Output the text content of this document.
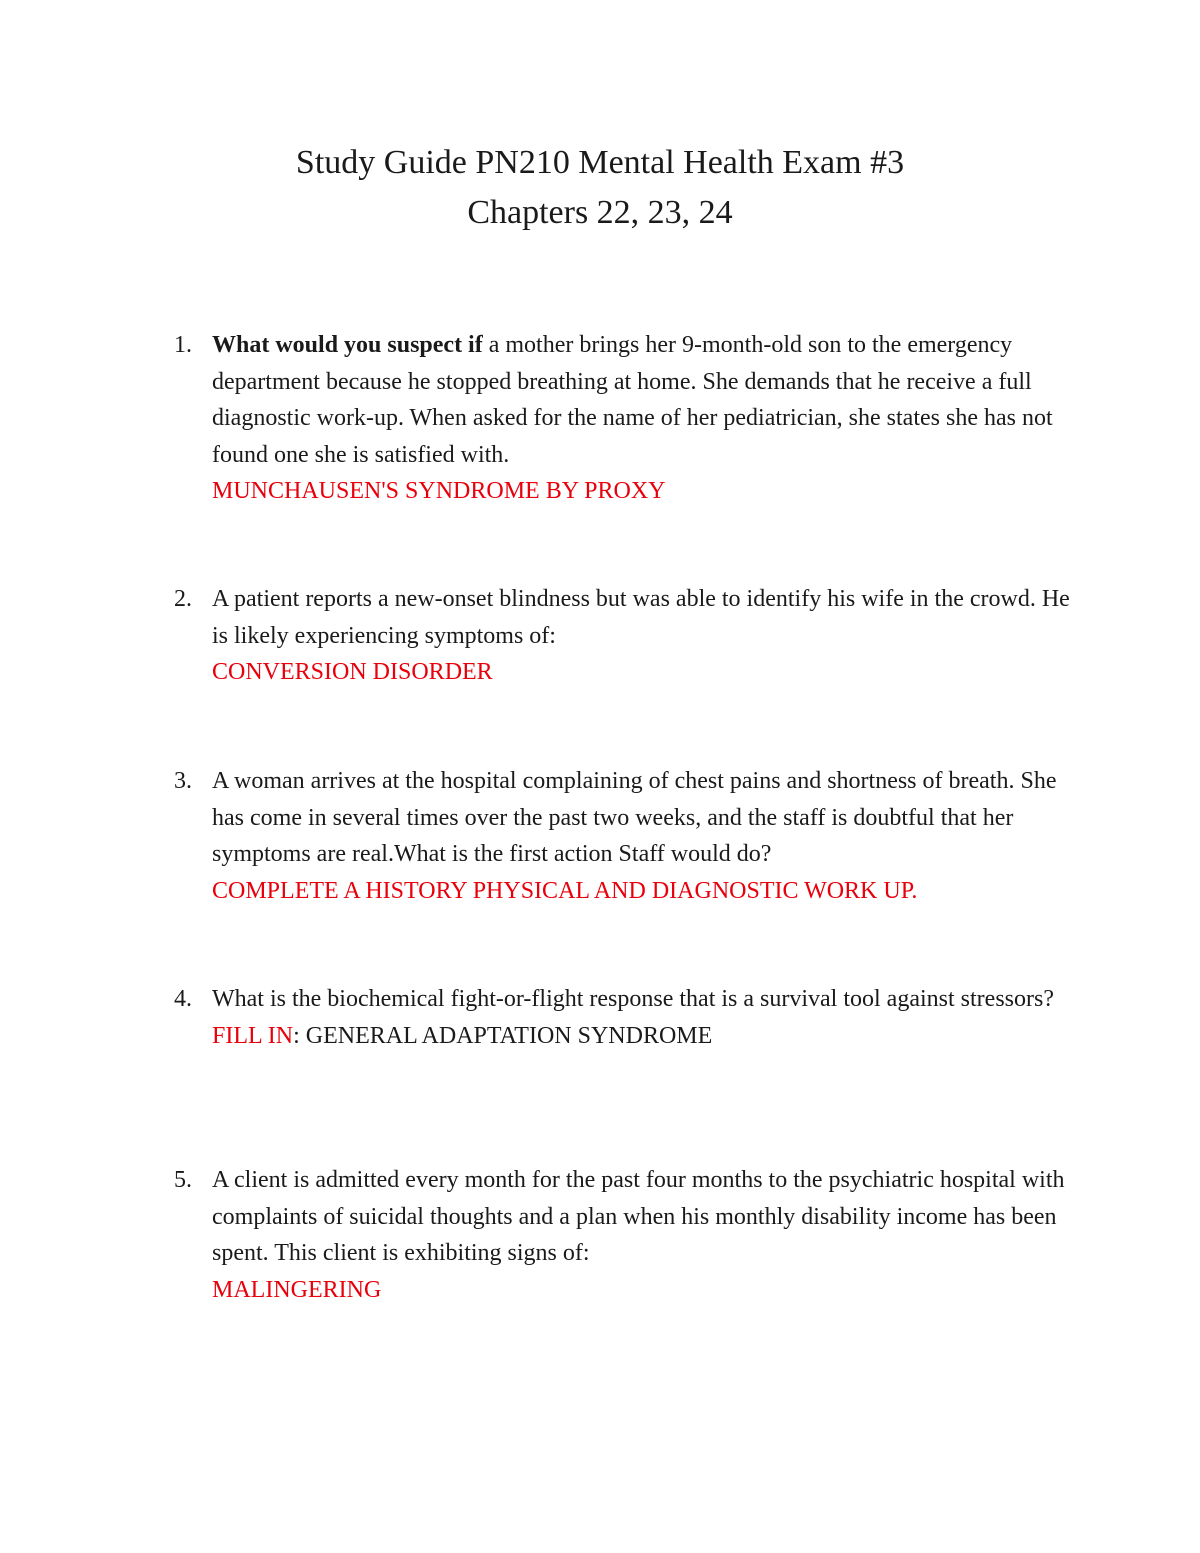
Study Guide PN210 Mental Health Exam #3
Chapters 22, 23, 24
1. What would you suspect if a mother brings her 9-month-old son to the emergency department because he stopped breathing at home. She demands that he receive a full diagnostic work-up. When asked for the name of her pediatrician, she states she has not found one she is satisfied with.
MUNCHAUSEN'S SYNDROME BY PROXY
2. A patient reports a new-onset blindness but was able to identify his wife in the crowd. He is likely experiencing symptoms of:
CONVERSION DISORDER
3. A woman arrives at the hospital complaining of chest pains and shortness of breath. She has come in several times over the past two weeks, and the staff is doubtful that her symptoms are real.What is the first action Staff would do?
COMPLETE A HISTORY PHYSICAL AND DIAGNOSTIC WORK UP.
4. What is the biochemical fight-or-flight response that is a survival tool against stressors?
FILL IN: GENERAL ADAPTATION SYNDROME
5. A client is admitted every month for the past four months to the psychiatric hospital with complaints of suicidal thoughts and a plan when his monthly disability income has been spent. This client is exhibiting signs of:
MALINGERING
